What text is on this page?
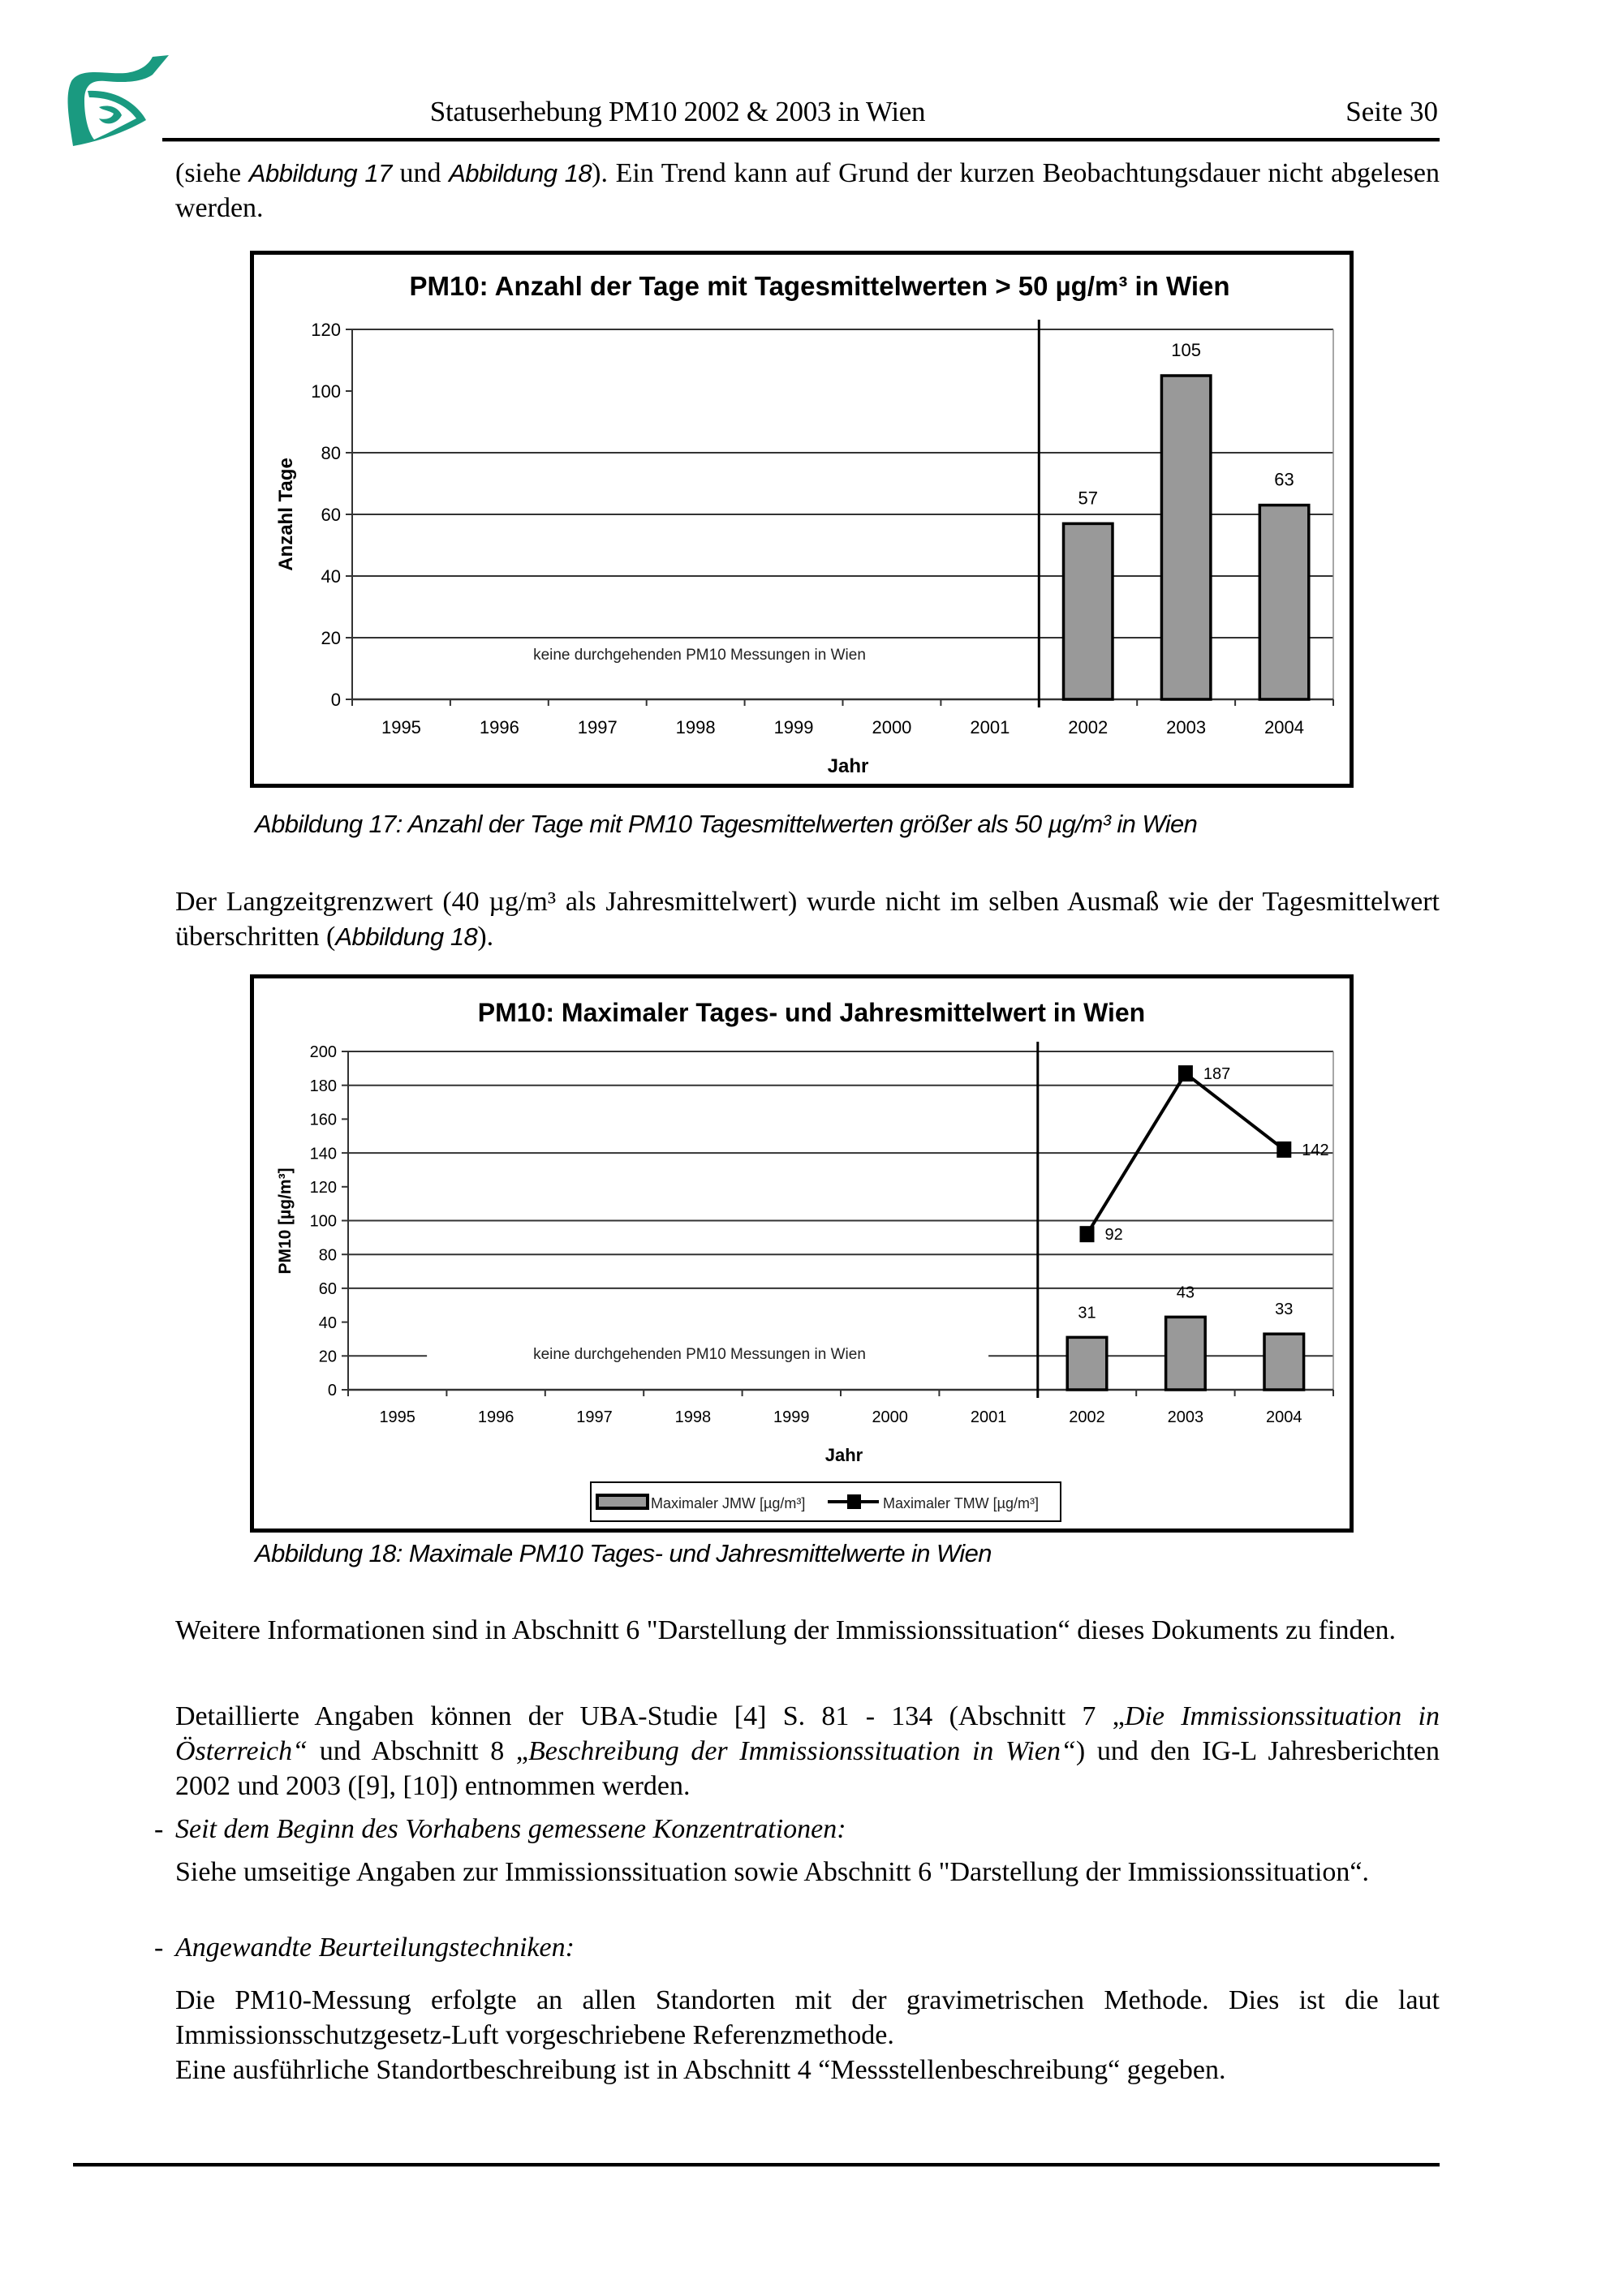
Statuserhebung PM10 2002 & 2003 in Wien	Seite 30
(siehe Abbildung 17 und Abbildung 18). Ein Trend kann auf Grund der kurzen Beobachtungsdauer nicht abgelesen werden.
0
20
40
60
80
100
120
1995	1996	1997	1998	1999	2000	2001	2002	2003	2004
57
105
63
PM10: Anzahl der Tage mit Tagesmittelwerten > 50 µg/m³ in Wien
Jahr
Anzahl Tage
keine durchgehenden PM10 Messungen in Wien
Abbildung 17: Anzahl der Tage mit PM10 Tagesmittelwerten größer als 50 µg/m³ in Wien
Der Langzeitgrenzwert (40 µg/m³ als Jahresmittelwert) wurde nicht im selben Ausmaß wie der Tagesmittelwert überschritten (Abbildung 18).
0
20
40
60
80
100
120
140
160
180
200
1995	1996	1997	1998	1999	2000	2001	2002	2003	2004
31
43
33
92
187
142
PM10: Maximaler Tages- und Jahresmittelwert in Wien
Jahr
PM10 [µg/m³]
keine durchgehenden PM10 Messungen in Wien
Maximaler JMW [µg/m³]	Maximaler TMW [µg/m³]
Abbildung 18: Maximale PM10 Tages- und Jahresmittelwerte in Wien
Weitere Informationen sind in Abschnitt 6 "Darstellung der Immissionssituation“ dieses Dokuments zu finden.
Detaillierte Angaben können der UBA-Studie [4] S. 81 - 134 (Abschnitt 7 „Die Immissionssituation in Österreich“ und Abschnitt 8 „Beschreibung der Immissionssituation in Wien“) und den IG-L Jahresberichten 2002 und 2003 ([9], [10]) entnommen werden.
- Seit dem Beginn des Vorhabens gemessene Konzentrationen:
Siehe umseitige Angaben zur Immissionssituation sowie Abschnitt 6 "Darstellung der Immissionssituation“.
- Angewandte Beurteilungstechniken:
Die PM10-Messung erfolgte an allen Standorten mit der gravimetrischen Methode. Dies ist die laut Immissionsschutzgesetz-Luft vorgeschriebene Referenzmethode.
Eine ausführliche Standortbeschreibung ist in Abschnitt 4 “Messstellenbeschreibung“ gegeben.
